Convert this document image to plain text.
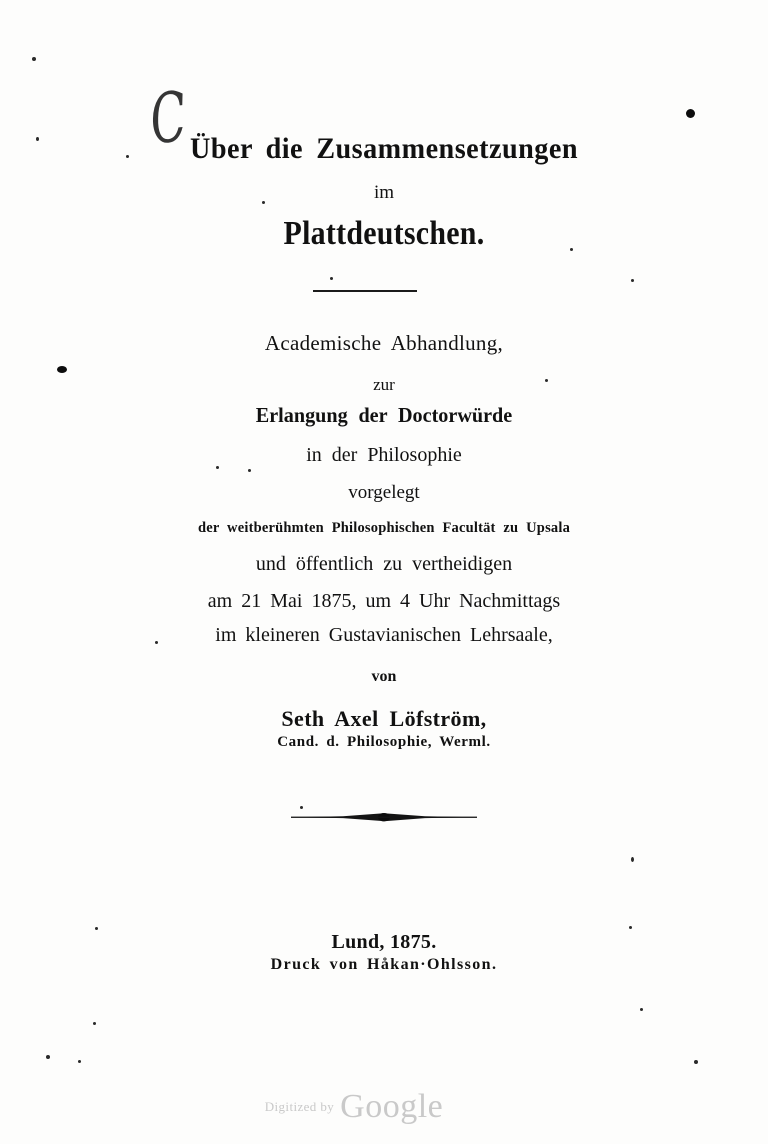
C Über die Zusammensetzungen
im
Plattdeutschen.
Academische Abhandlung,
zur
Erlangung der Doctorwürde
in der Philosophie
vorgelegt
der weitberühmten Philosophischen Facultät zu Upsala
und öffentlich zu vertheidigen
am 21 Mai 1875, um 4 Uhr Nachmittags
im kleineren Gustavianischen Lehrsaale,
von
Seth Axel Löfström,
Cand. d. Philosophie, Werml.
Lund, 1875.
Druck von Håkan·Ohlsson.
$^{Digitized by}$ Google
